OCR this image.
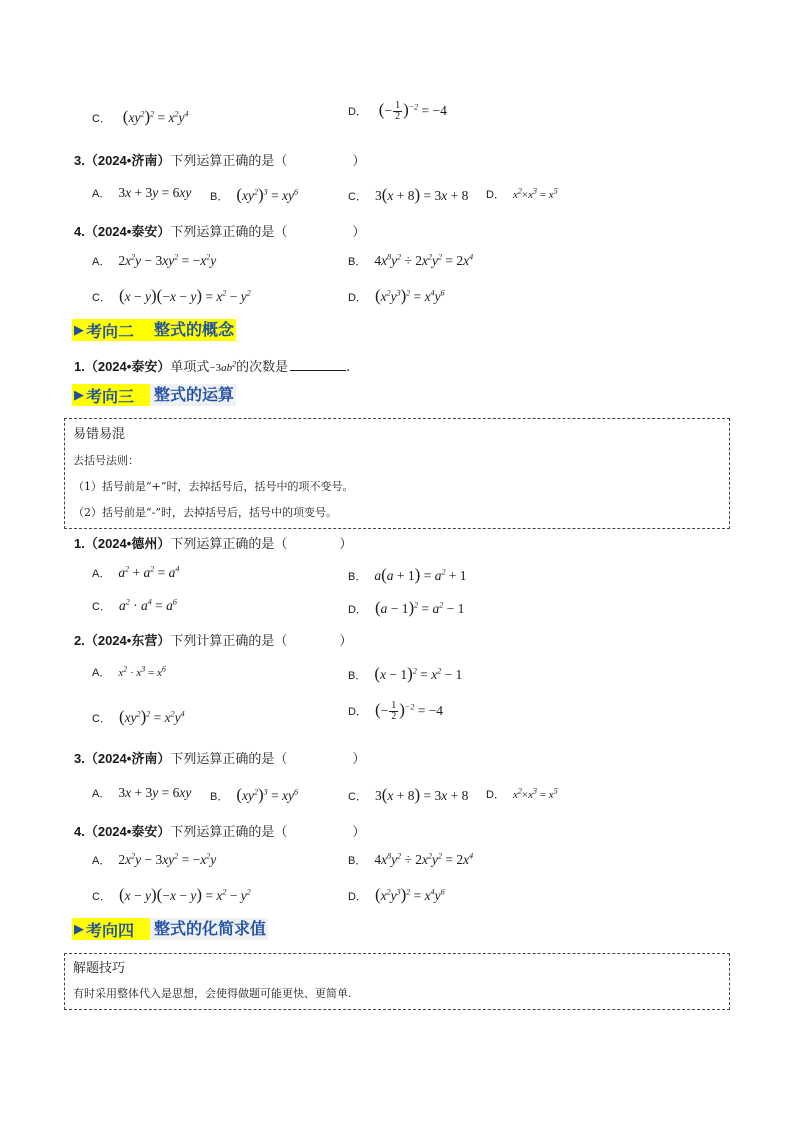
C． $(xy^2)^2 = x^2y^4$	D． (− $\frac{1}{2} )^{-2} = -4$
3.（2024•济南）下列运算正确的是（　　　　　）
A． 3x + 3y = 6xy B． $(xy^2)^3 = xy^6$	C． 3(x + 8) = 3x + 8 D． $x^2\times x^3 = x^5$
4.（2024•泰安）下列运算正确的是（　　　　　）
A． $2x^2y - 3xy^2 = -x^2y$	B． $4x^8y^2 \div 2x^2y^2 = 2x^4$
C． $(x - y)(-x - y) = x^2 - y^2$	D． $(x^2y^3)^2 = x^4y^6$
▶ 考向二	整式的概念
1.（2024•泰安）单项式$-3ab^2$的次数是	.
▶ 考向三	整式的运算
易错易混
去括号法则：
（1）括号前是“+”时，去掉括号后，括号中的项不变号。
（2）括号前是“-”时，去掉括号后，括号中的项变号。
1.（2024•德州）下列运算正确的是（　　　　）
A． $a^2 + a^2 = a^4$
B． $a(a + 1) = a^2 + 1$
C． $a^2 \cdot a^4 = a^6$
D． $(a - 1)^2 = a^2 - 1$
2.（2024•东营）下列计算正确的是（　　　　）
A． $x^2 \cdot x^3 = x^6$
B． $(x - 1)^2 = x^2 - 1$
C． $(xy^2)^2 = x^2y^4$	D． (− $\frac{1}{2} )^{-2} = -4$
3.（2024•济南）下列运算正确的是（　　　　　）
A． 3x + 3y = 6xy B． $(xy^2)^3 = xy^6$	C． 3(x + 8) = 3x + 8 D． $x^2\times x^3 = x^5$
4.（2024•泰安）下列运算正确的是（　　　　　）
A． $2x^2y - 3xy^2 = -x^2y$	B． $4x^8y^2 \div 2x^2y^2 = 2x^4$
C． $(x - y)(-x - y) = x^2 - y^2$	D． $(x^2y^3)^2 = x^4y^6$
▶ 考向四	整式的化简求值
解题技巧
有时采用整体代入是思想，会使得做题可能更快、更简单.
